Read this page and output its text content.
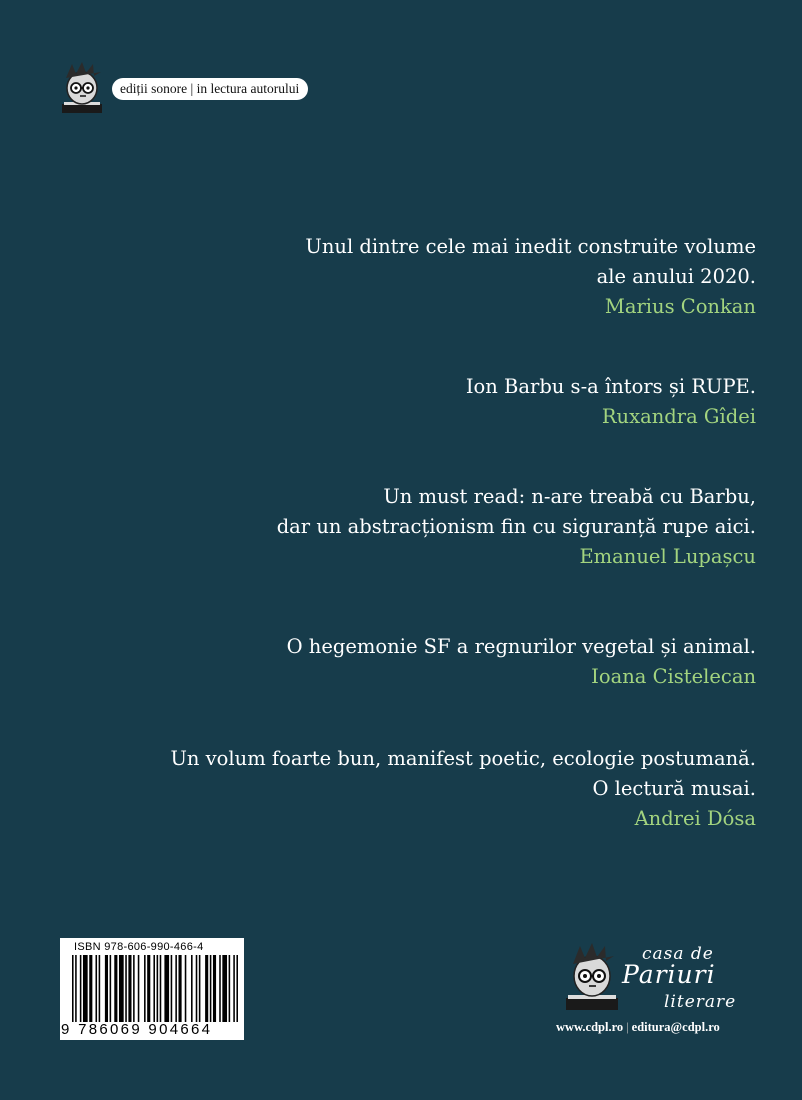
ediții sonore | in lectura autorului
Unul dintre cele mai inedit construite volume
ale anului 2020.
Marius Conkan
Ion Barbu s-a întors și RUPE.
Ruxandra Gîdei
Un must read: n-are treabă cu Barbu,
dar un abstracționism fin cu siguranță rupe aici.
Emanuel Lupașcu
O hegemonie SF a regnurilor vegetal și animal.
Ioana Cistelecan
Un volum foarte bun, manifest poetic, ecologie postumană.
O lectură musai.
Andrei Dósa
ISBN 978-606-990-466-4
9 786069 904664
casa de
Pariuri
literare
www.cdpl.ro | editura@cdpl.ro
